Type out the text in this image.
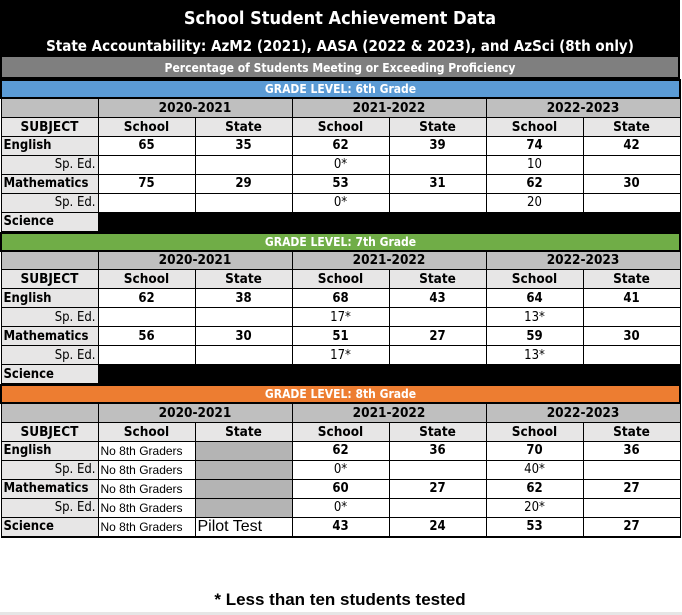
School Student Achievement Data
State Accountability: AzM2 (2021), AASA (2022 & 2023), and AzSci (8th only)
Percentage of Students Meeting or Exceeding Proficiency
GRADE LEVEL: 6th Grade						
	2020-2021		2021-2022		2022-2023	
SUBJECT	School	State	School	State	School	State
English	65	35	62	39	74	42
Sp. Ed.			0*		10	
Mathematics	75	29	53	31	62	30
Sp. Ed.			0*		20	
Science						
GRADE LEVEL: 7th Grade						
	2020-2021		2021-2022		2022-2023	
SUBJECT	School	State	School	State	School	State
English	62	38	68	43	64	41
Sp. Ed.			17*		13*	
Mathematics	56	30	51	27	59	30
Sp. Ed.			17*		13*	
Science						
GRADE LEVEL: 8th Grade						
	2020-2021		2021-2022		2022-2023	
SUBJECT	School	State	School	State	School	State
English	No 8th Graders		62	36	70	36
Sp. Ed.	No 8th Graders		0*		40*	
Mathematics	No 8th Graders		60	27	62	27
Sp. Ed.	No 8th Graders		0*		20*	
Science	No 8th Graders	Pilot Test	43	24	53	27
* Less than ten students tested
